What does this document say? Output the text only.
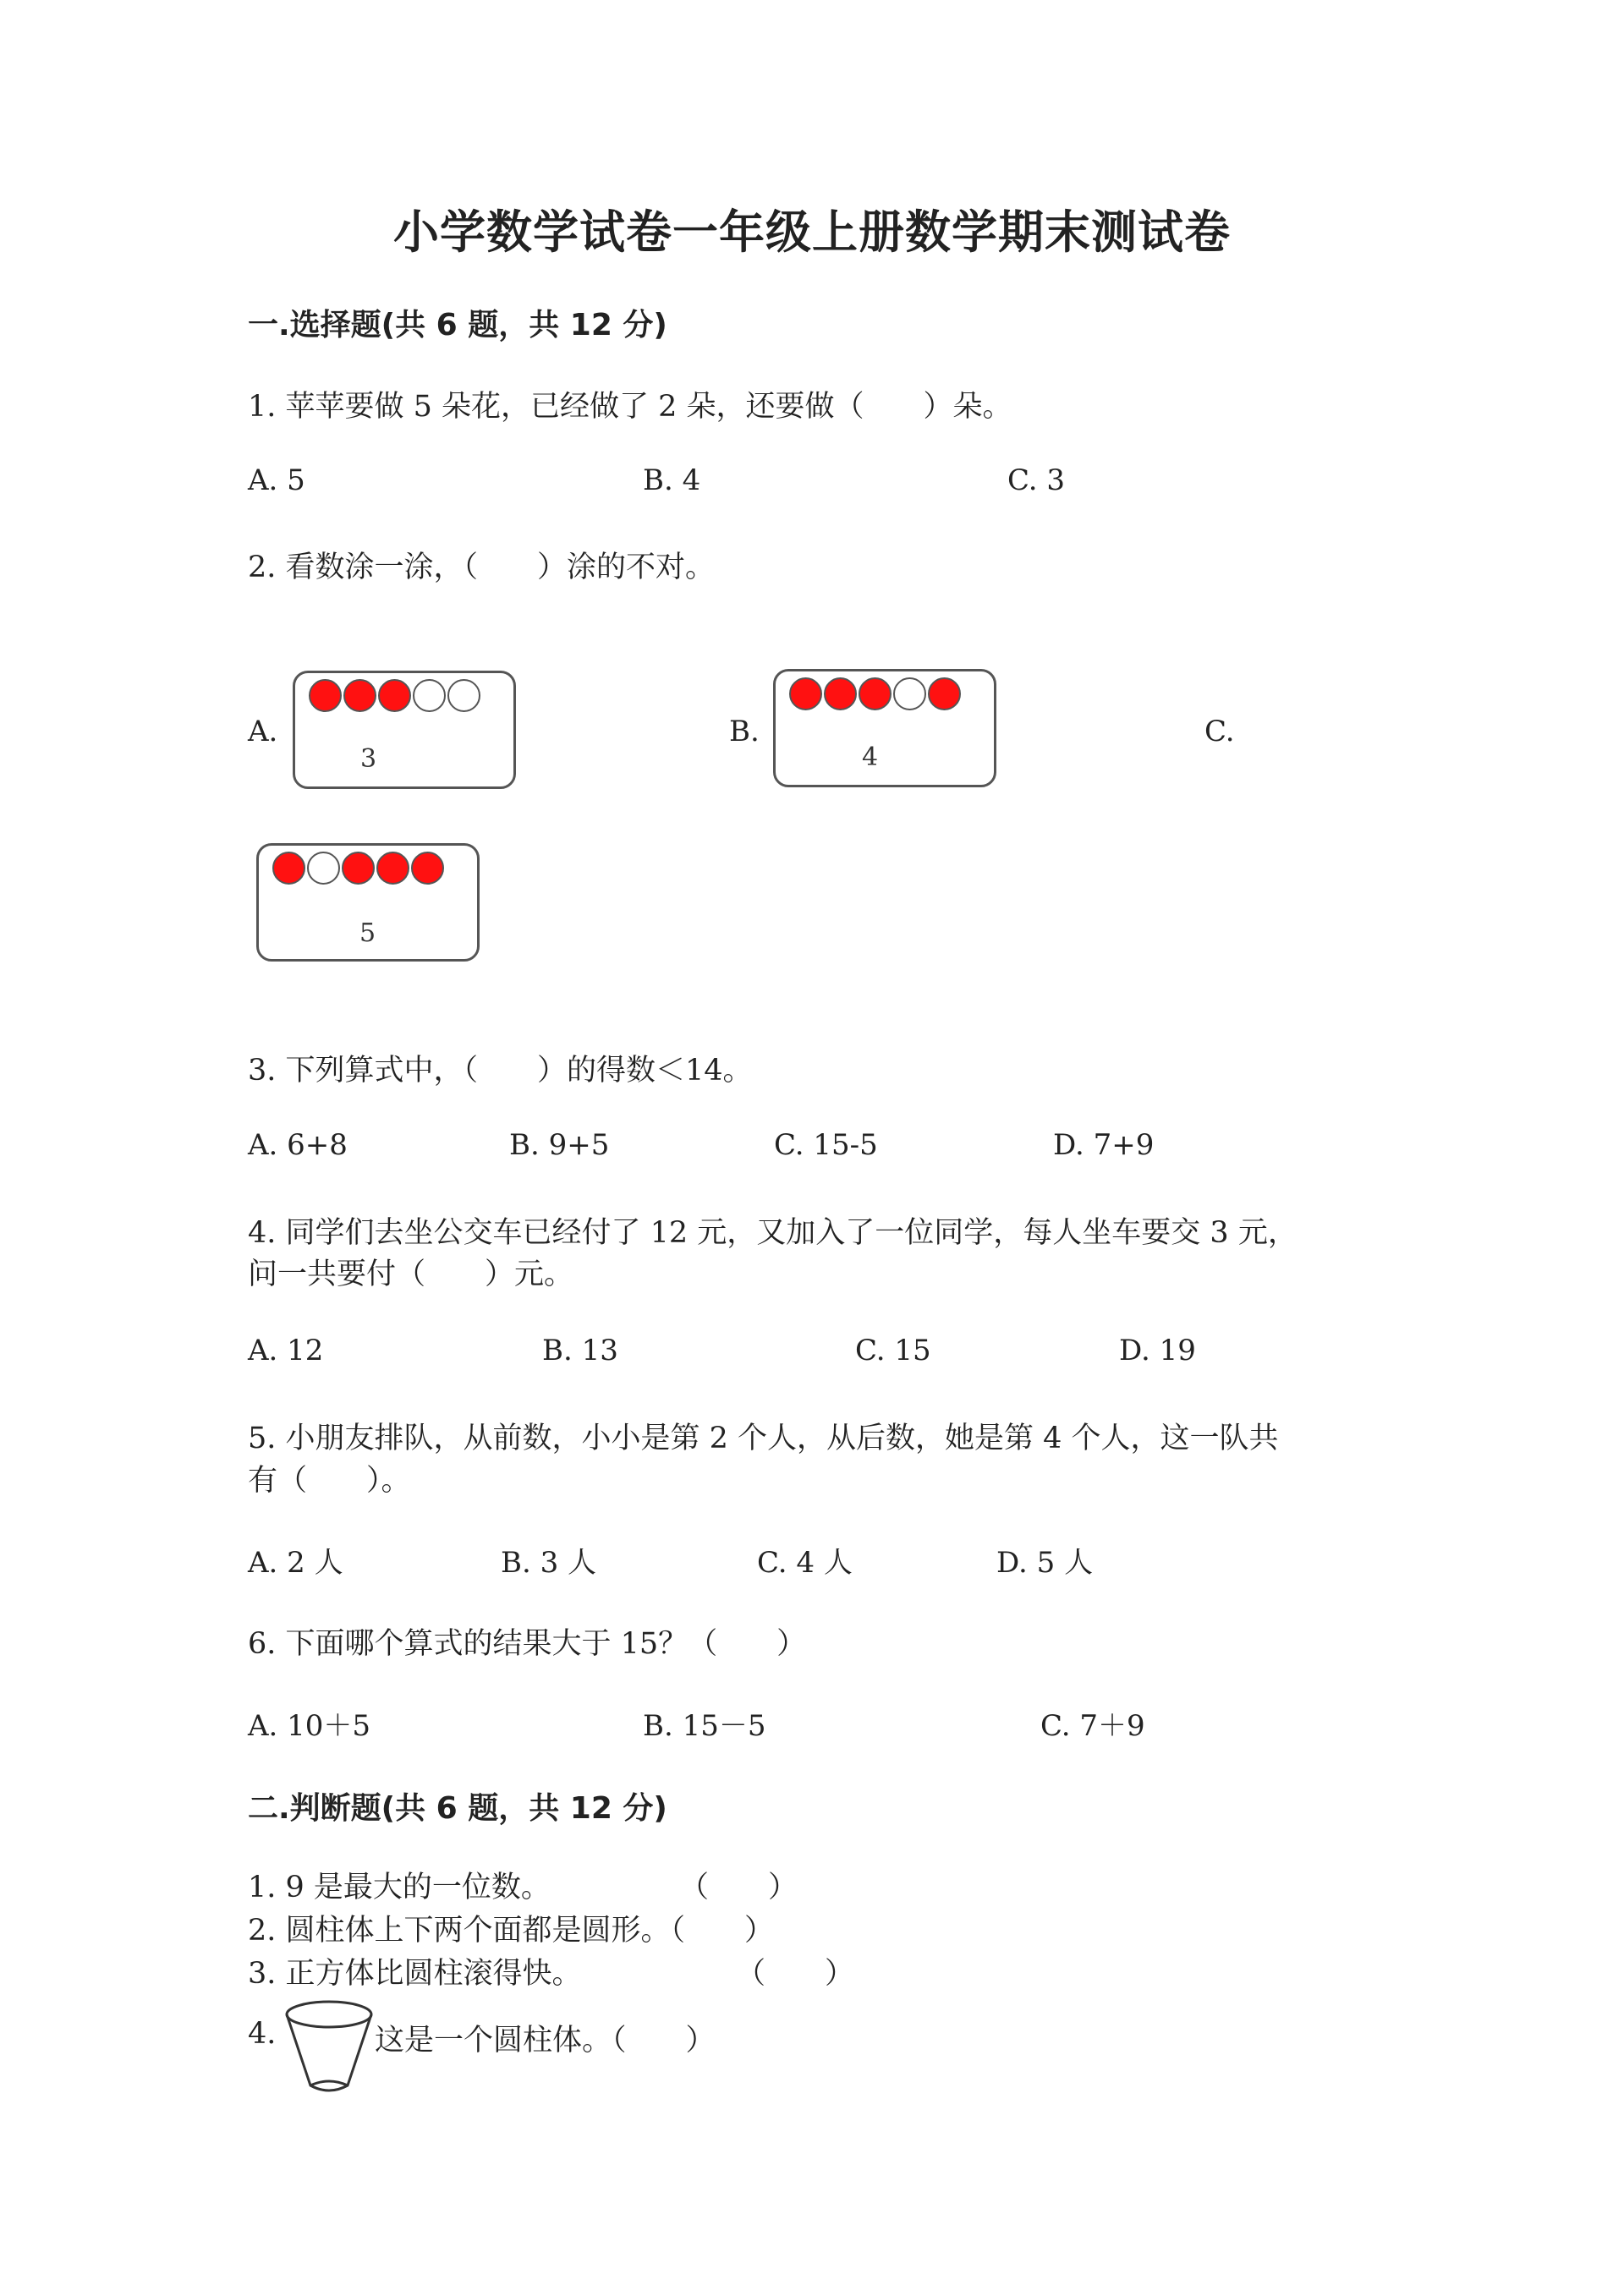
小学数学试卷一年级上册数学期末测试卷
一.选择题(共 6 题，共 12 分)
1. 苹苹要做 5 朵花，已经做了 2 朵，还要做（　　）朵。
A. 5	B. 4	C. 3
2. 看数涂一涂，（　　）涂的不对。
A.	B.	C.
3	4
5
3. 下列算式中，（　　）的得数＜14。
A. 6+8	B. 9+5	C. 15-5	D. 7+9
4. 同学们去坐公交车已经付了 12 元，又加入了一位同学，每人坐车要交 3 元，
问一共要付（　　）元。
A. 12	B. 13	C. 15	D. 19
5. 小朋友排队，从前数，小小是第 2 个人，从后数，她是第 4 个人，这一队共
有（　　）。
A. 2 人	B. 3 人	C. 4 人	D. 5 人
6. 下面哪个算式的结果大于 15？（　　）
A. 10＋5	B. 15－5	C. 7＋9
二.判断题(共 6 题，共 12 分)
1. 9 是最大的一位数。	（　　）
2. 圆柱体上下两个面都是圆形。（　　）
3. 正方体比圆柱滚得快。	（　　）
4.	这是一个圆柱体。（　　）
